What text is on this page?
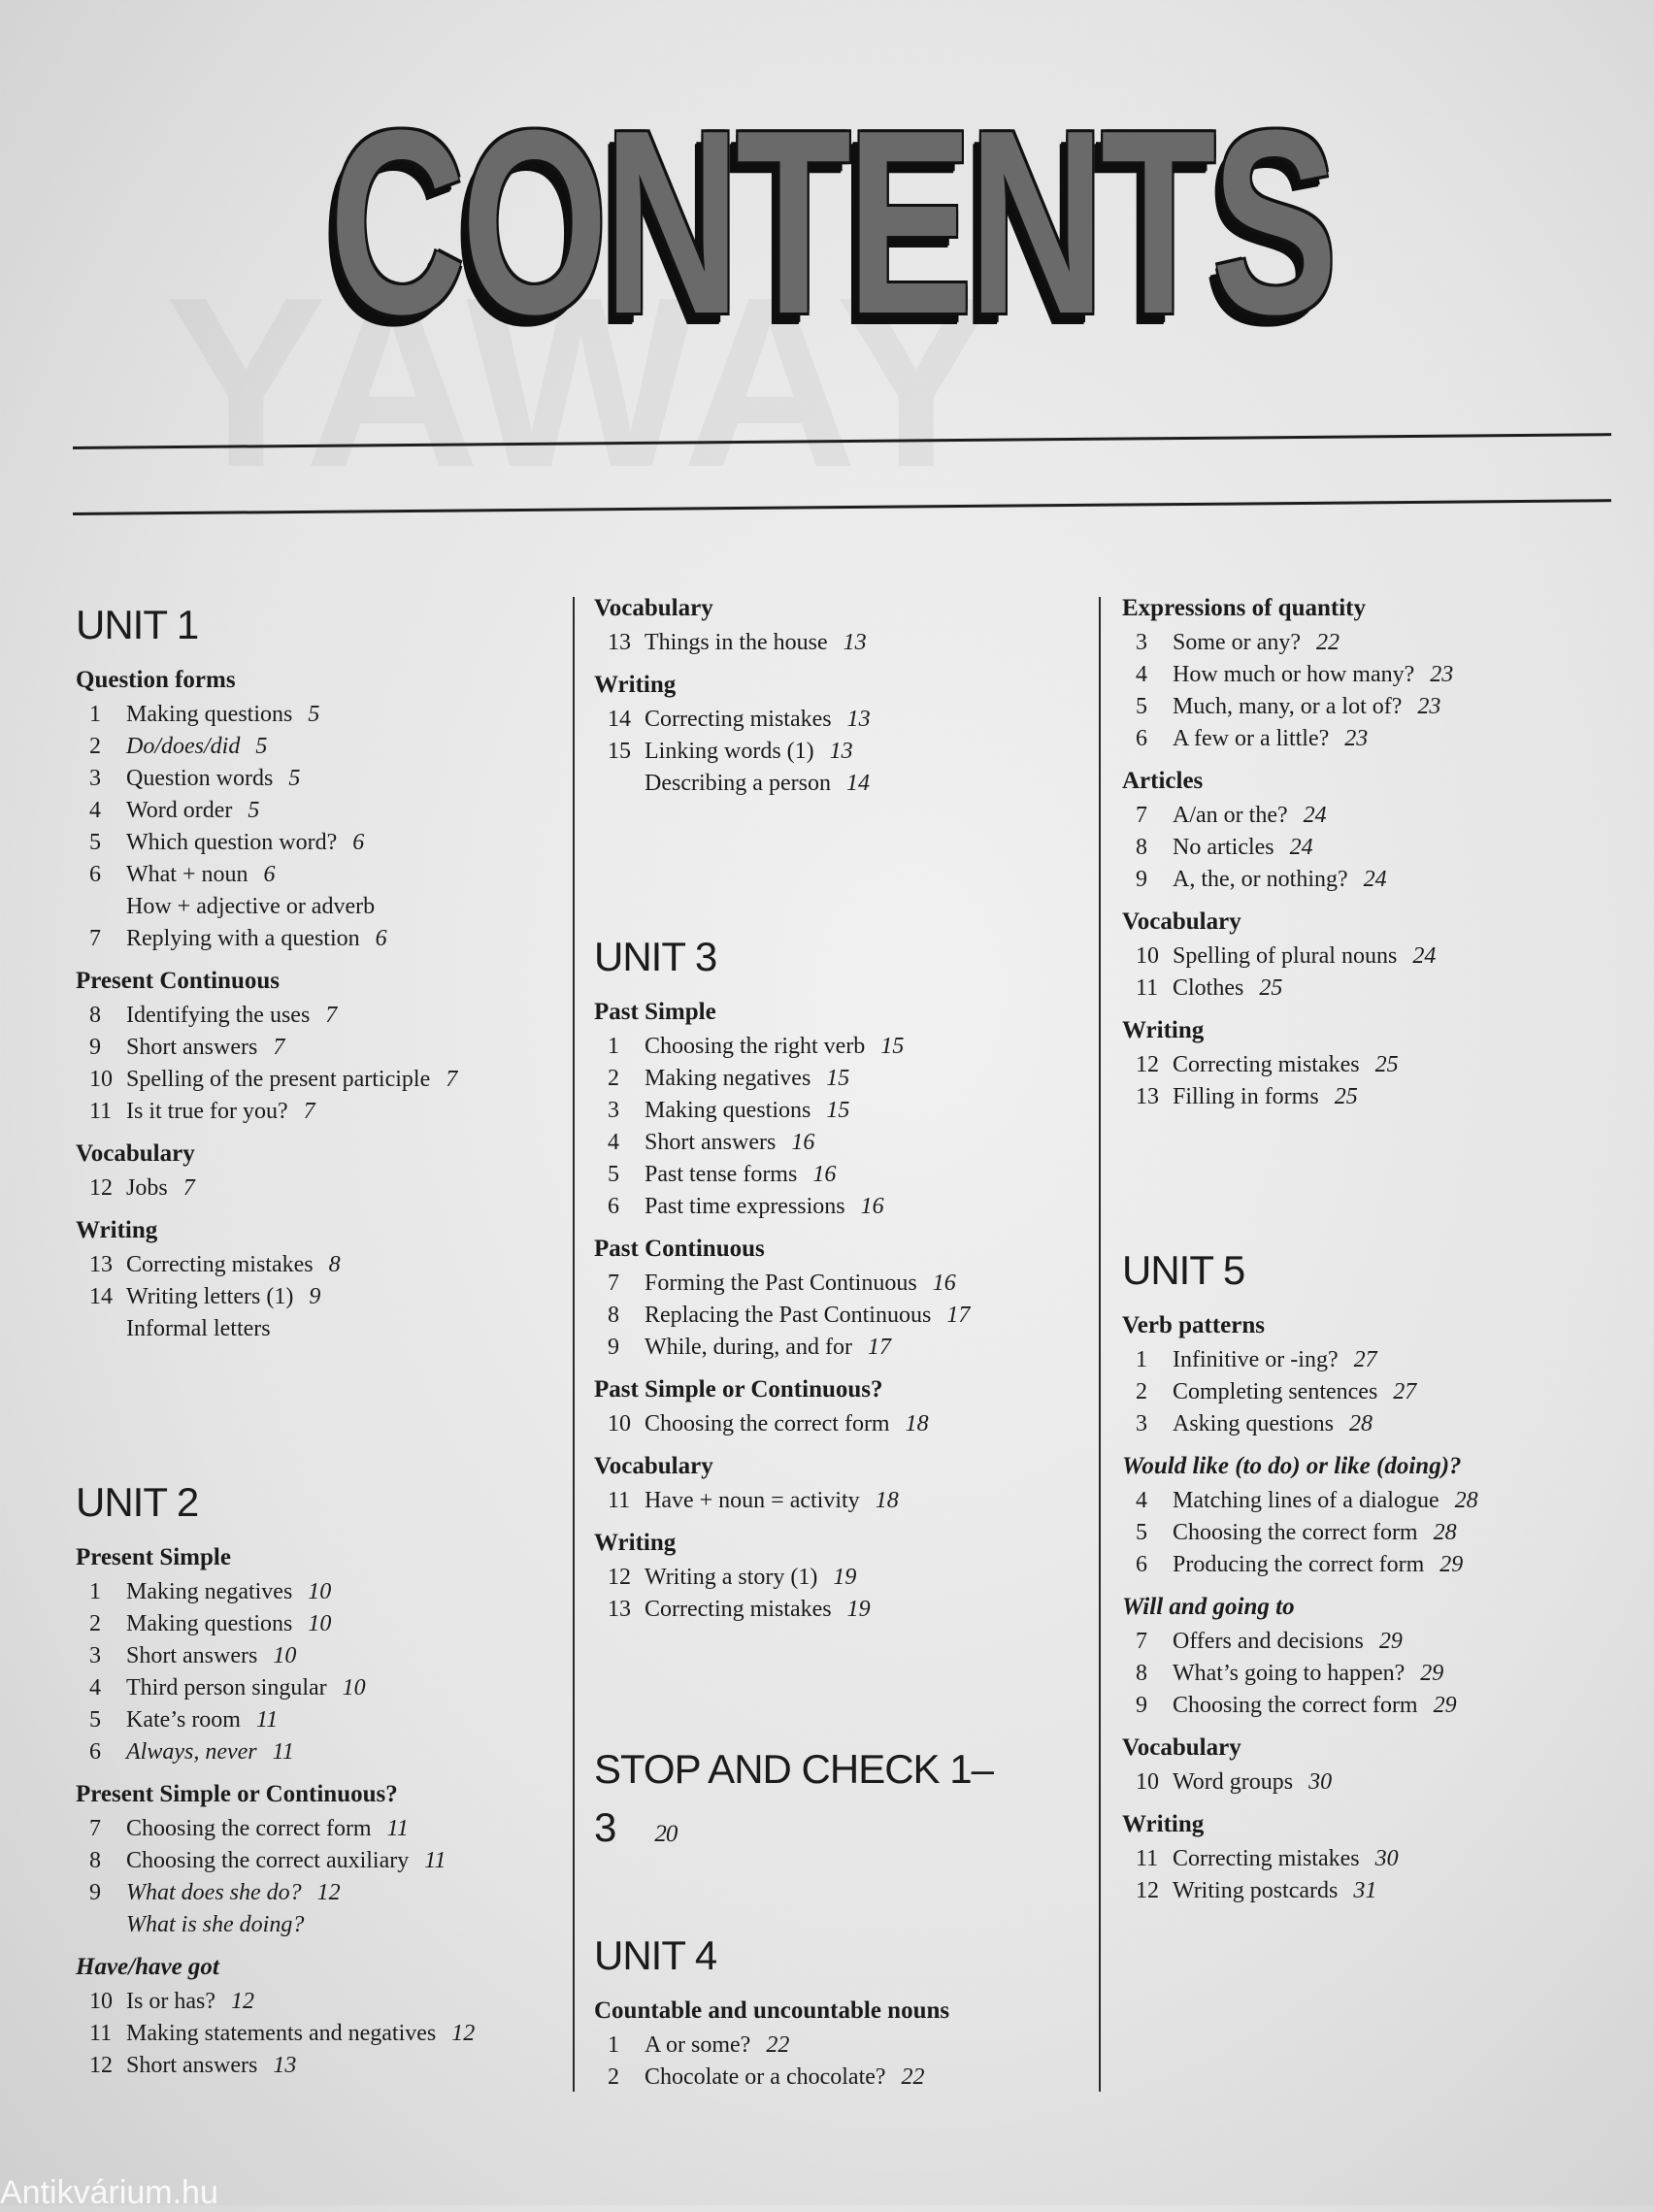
CONTENTS
UNIT 1
Question forms
1 Making questions 5
2 Do/does/did 5
3 Question words 5
4 Word order 5
5 Which question word? 6
6 What + noun 6
How + adjective or adverb
7 Replying with a question 6
Present Continuous
8 Identifying the uses 7
9 Short answers 7
10 Spelling of the present participle 7
11 Is it true for you? 7
Vocabulary
12 Jobs 7
Writing
13 Correcting mistakes 8
14 Writing letters (1) 9
Informal letters
UNIT 2
Present Simple
1 Making negatives 10
2 Making questions 10
3 Short answers 10
4 Third person singular 10
5 Kate’s room 11
6 Always, never 11
Present Simple or Continuous?
7 Choosing the correct form 11
8 Choosing the correct auxiliary 11
9 What does she do? 12
What is she doing?
Have/have got
10 Is or has? 12
11 Making statements and negatives 12
12 Short answers 13
Vocabulary
13 Things in the house 13
Writing
14 Correcting mistakes 13
15 Linking words (1) 13
Describing a person 14
UNIT 3
Past Simple
1 Choosing the right verb 15
2 Making negatives 15
3 Making questions 15
4 Short answers 16
5 Past tense forms 16
6 Past time expressions 16
Past Continuous
7 Forming the Past Continuous 16
8 Replacing the Past Continuous 17
9 While, during, and for 17
Past Simple or Continuous?
10 Choosing the correct form 18
Vocabulary
11 Have + noun = activity 18
Writing
12 Writing a story (1) 19
13 Correcting mistakes 19
STOP AND CHECK 1–3 20
UNIT 4
Countable and uncountable nouns
1 A or some? 22
2 Chocolate or a chocolate? 22
Expressions of quantity
3 Some or any? 22
4 How much or how many? 23
5 Much, many, or a lot of? 23
6 A few or a little? 23
Articles
7 A/an or the? 24
8 No articles 24
9 A, the, or nothing? 24
Vocabulary
10 Spelling of plural nouns 24
11 Clothes 25
Writing
12 Correcting mistakes 25
13 Filling in forms 25
UNIT 5
Verb patterns
1 Infinitive or -ing? 27
2 Completing sentences 27
3 Asking questions 28
Would like (to do) or like (doing)?
4 Matching lines of a dialogue 28
5 Choosing the correct form 28
6 Producing the correct form 29
Will and going to
7 Offers and decisions 29
8 What’s going to happen? 29
9 Choosing the correct form 29
Vocabulary
10 Word groups 30
Writing
11 Correcting mistakes 30
12 Writing postcards 31
Antikvárium.hu
